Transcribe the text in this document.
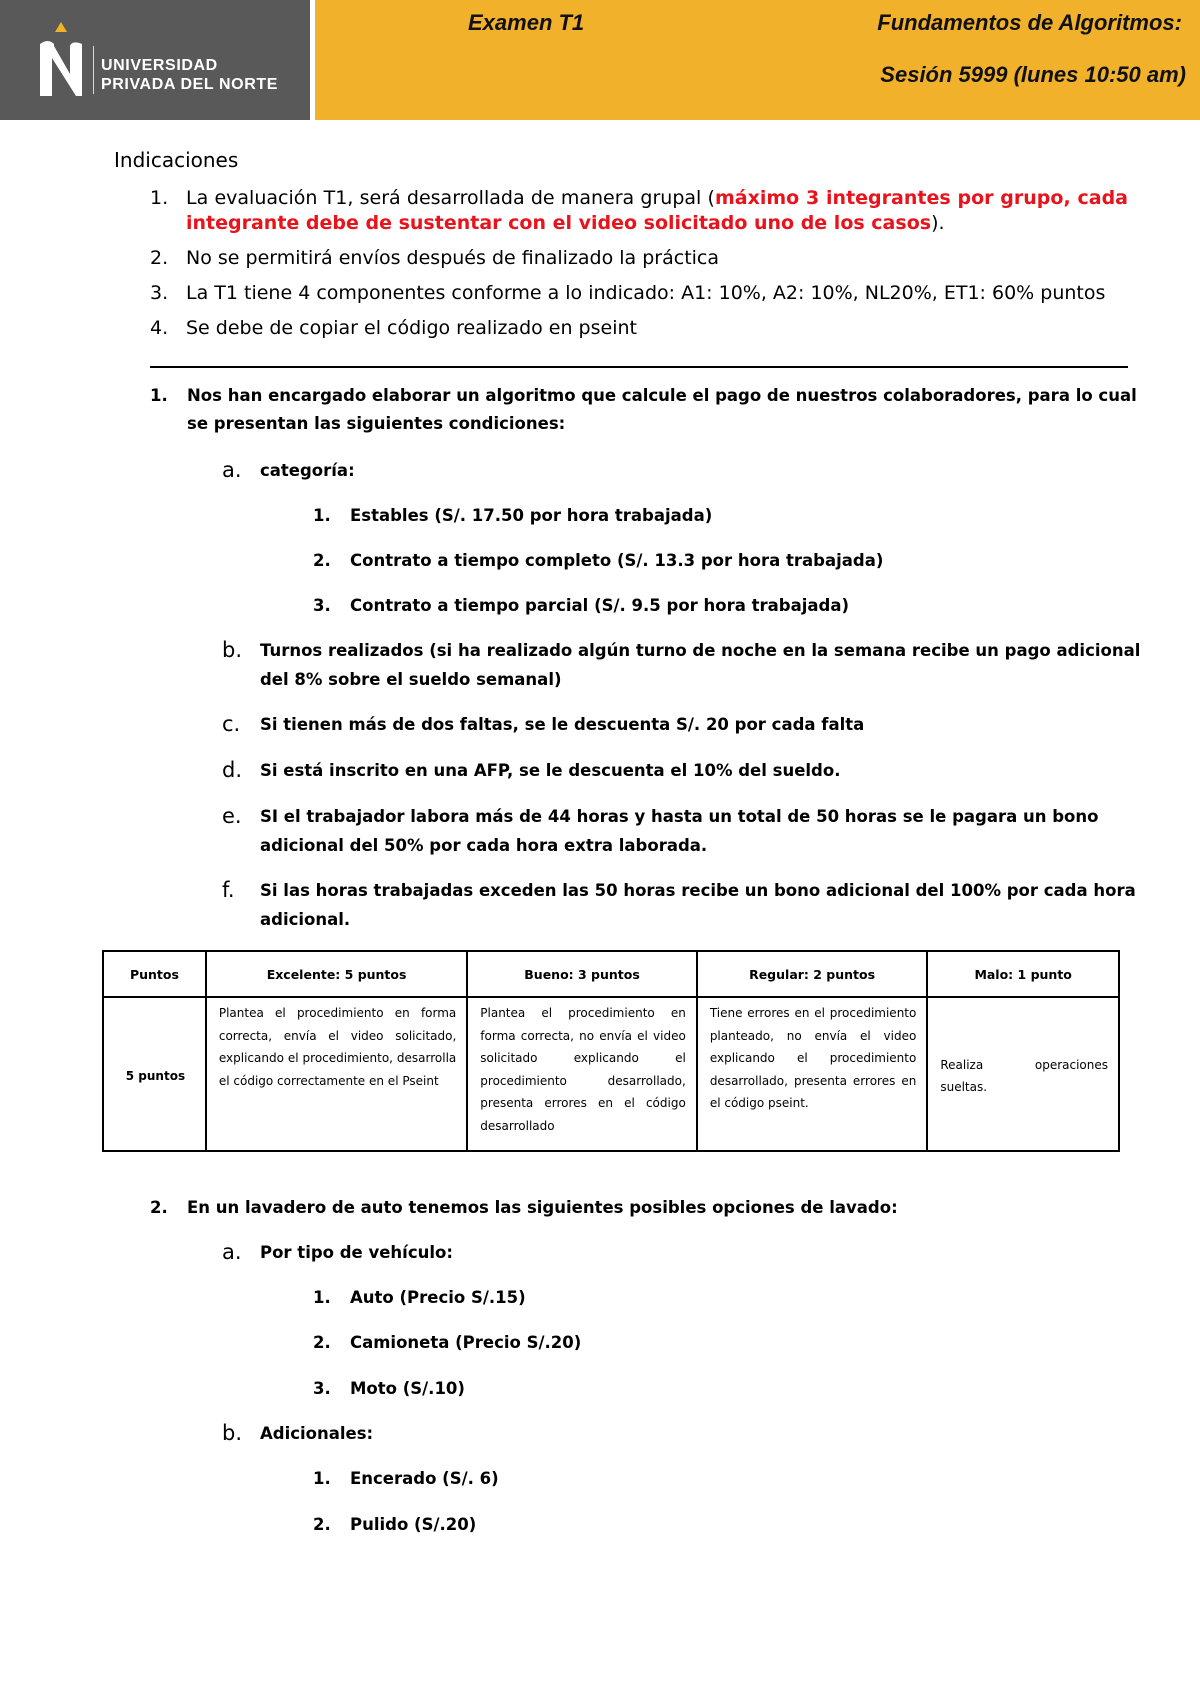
UNIVERSIDAD
PRIVADA DEL NORTE
Examen T1	Fundamentos de Algoritmos:
Sesión 5999 (lunes 10:50 am)
Indicaciones
1. La evaluación T1, será desarrollada de manera grupal (máximo 3 integrantes por grupo, cada integrante debe de sustentar con el video solicitado uno de los casos).
2. No se permitirá envíos después de finalizado la práctica
3. La T1 tiene 4 componentes conforme a lo indicado: A1: 10%, A2: 10%, NL20%, ET1: 60% puntos
4. Se debe de copiar el código realizado en pseint
1. Nos han encargado elaborar un algoritmo que calcule el pago de nuestros colaboradores, para lo cual
se presentan las siguientes condiciones:
a. categoría:
1. Estables (S/. 17.50 por hora trabajada)
2. Contrato a tiempo completo (S/. 13.3 por hora trabajada)
3. Contrato a tiempo parcial (S/. 9.5 por hora trabajada)
b. Turnos realizados (si ha realizado algún turno de noche en la semana recibe un pago adicional
del 8% sobre el sueldo semanal)
c. Si tienen más de dos faltas, se le descuenta S/. 20 por cada falta
d. Si está inscrito en una AFP, se le descuenta el 10% del sueldo.
e. SI el trabajador labora más de 44 horas y hasta un total de 50 horas se le pagara un bono
adicional del 50% por cada hora extra laborada.
f. Si las horas trabajadas exceden las 50 horas recibe un bono adicional del 100% por cada hora
adicional.
Puntos	Excelente: 5 puntos	Bueno: 3 puntos	Regular: 2 puntos	Malo: 1 punto
5 puntos	Plantea el procedimiento en forma correcta, envía el video solicitado, explicando el procedimiento, desarrolla el código correctamente en el Pseint	Plantea el procedimiento en forma correcta, no envía el video solicitado explicando el procedimiento desarrollado, presenta errores en el código desarrollado	Tiene errores en el procedimiento planteado, no envía el video explicando el procedimiento desarrollado, presenta errores en el código pseint.	Realiza operaciones sueltas.
2. En un lavadero de auto tenemos las siguientes posibles opciones de lavado:
a. Por tipo de vehículo:
1. Auto (Precio S/.15)
2. Camioneta (Precio S/.20)
3. Moto (S/.10)
b. Adicionales:
1. Encerado (S/. 6)
2. Pulido (S/.20)
